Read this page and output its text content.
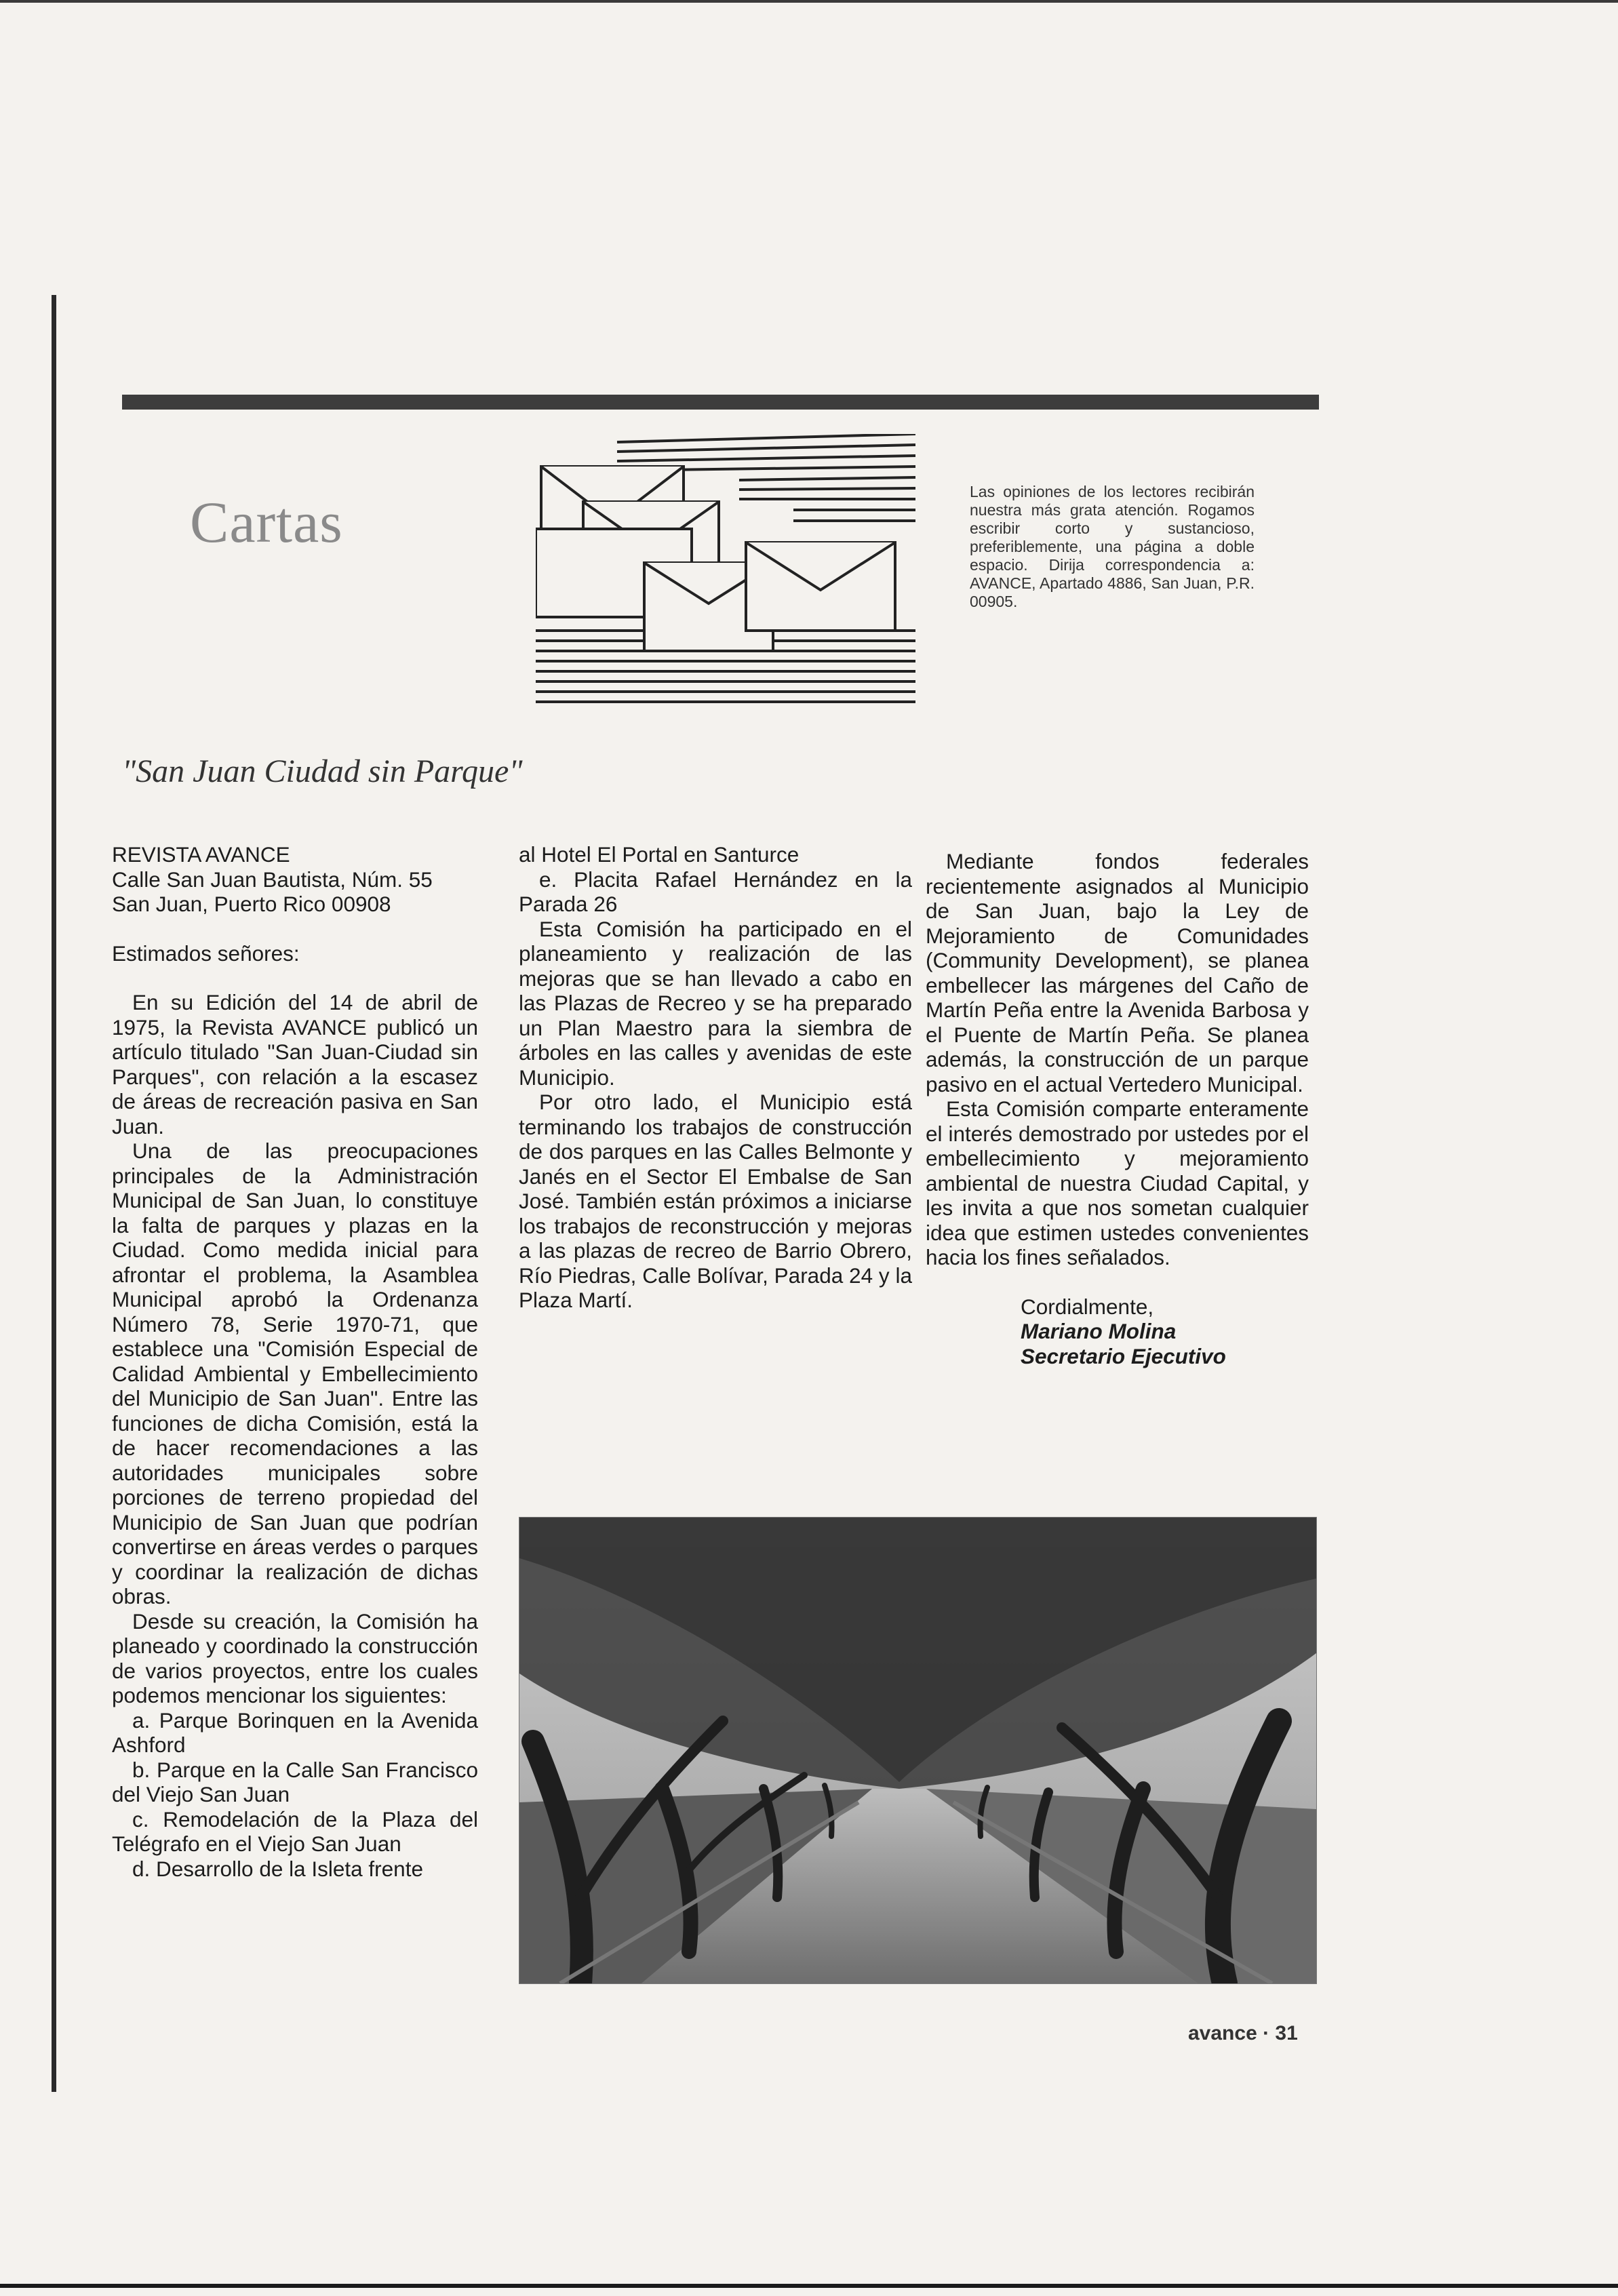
Cartas	Las opiniones de los lectores recibirán nuestra más grata atención. Rogamos escribir corto y sustancioso, preferiblemente, una página a doble espacio. Dirija correspondencia a: AVANCE, Apartado 4886, San Juan, P.R. 00905.
"San Juan Ciudad sin Parque"

REVISTA AVANCE

Calle San Juan Bautista, Núm. 55

San Juan, Puerto Rico 00908

Estimados señores:

En su Edición del 14 de abril de 1975, la Revista AVANCE publicó un artículo titulado "San Juan-Ciudad sin Parques", con relación a la escasez de áreas de recreación pasiva en San Juan.

Una de las preocupaciones principales de la Administración Municipal de San Juan, lo constituye la falta de parques y plazas en la Ciudad. Como medida inicial para afrontar el problema, la Asamblea Municipal aprobó la Ordenanza Número 78, Serie 1970-71, que establece una "Comisión Especial de Calidad Ambiental y Embellecimiento del Municipio de San Juan". Entre las funciones de dicha Comisión, está la de hacer recomendaciones a las autoridades municipales sobre porciones de terreno propiedad del Municipio de San Juan que podrían convertirse en áreas verdes o parques y coordinar la realización de dichas obras.

Desde su creación, la Comisión ha planeado y coordinado la construcción de varios proyectos, entre los cuales podemos mencionar los siguientes:

a. Parque Borinquen en la Avenida Ashford

b. Parque en la Calle San Francisco del Viejo San Juan

c. Remodelación de la Plaza del Telégrafo en el Viejo San Juan

d. Desarrollo de la Isleta frente

al Hotel El Portal en Santurce

e. Placita Rafael Hernández en la Parada 26

Esta Comisión ha participado en el planeamiento y realización de las mejoras que se han llevado a cabo en las Plazas de Recreo y se ha preparado un Plan Maestro para la siembra de árboles en las calles y avenidas de este Municipio.

Por otro lado, el Municipio está terminando los trabajos de construcción de dos parques en las Calles Belmonte y Janés en el Sector El Embalse de San José. También están próximos a iniciarse los trabajos de reconstrucción y mejoras a las plazas de recreo de Barrio Obrero, Río Piedras, Calle Bolívar, Parada 24 y la Plaza Martí.

Mediante fondos federales recientemente asignados al Municipio de San Juan, bajo la Ley de Mejoramiento de Comunidades (Community Development), se planea embellecer las márgenes del Caño de Martín Peña entre la Avenida Barbosa y el Puente de Martín Peña. Se planea además, la construcción de un parque pasivo en el actual Vertedero Municipal.

Esta Comisión comparte enteramente el interés demostrado por ustedes por el embellecimiento y mejoramiento ambiental de nuestra Ciudad Capital, y les invita a que nos sometan cualquier idea que estimen ustedes convenientes hacia los fines señalados.

Cordialmente,

Mariano Molina

Secretario Ejecutivo

avance · 31
